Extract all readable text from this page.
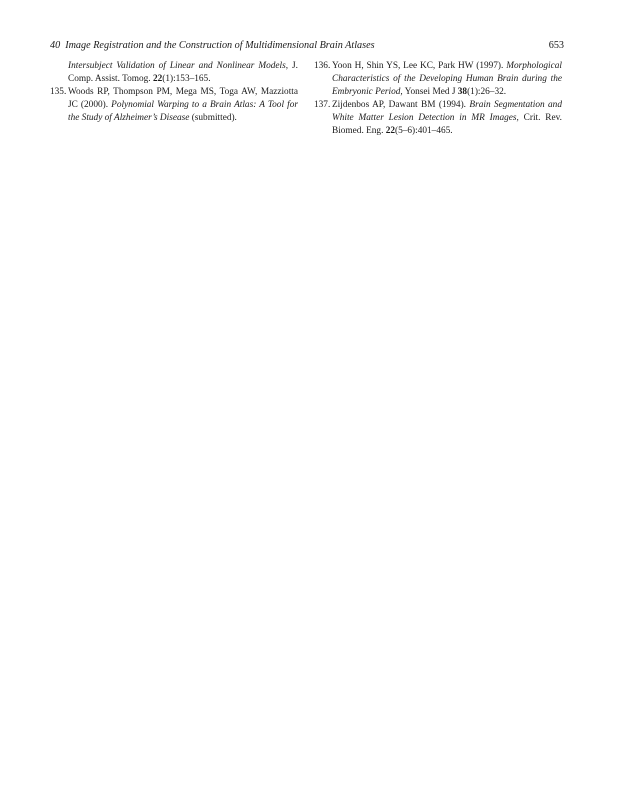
40 Image Registration and the Construction of Multidimensional Brain Atlases	653

Intersubject Validation of Linear and Nonlinear Models, J. Comp. Assist. Tomog. 22(1):153–165.

135. Woods RP, Thompson PM, Mega MS, Toga AW, Mazziotta JC (2000). Polynomial Warping to a Brain Atlas: A Tool for the Study of Alzheimer’s Disease (submitted).

136. Yoon H, Shin YS, Lee KC, Park HW (1997). Morphological Characteristics of the Developing Human Brain during the Embryonic Period, Yonsei Med J 38(1):26–32.

137. Zijdenbos AP, Dawant BM (1994). Brain Segmentation and White Matter Lesion Detection in MR Images, Crit. Rev. Biomed. Eng. 22(5–6):401–465.
